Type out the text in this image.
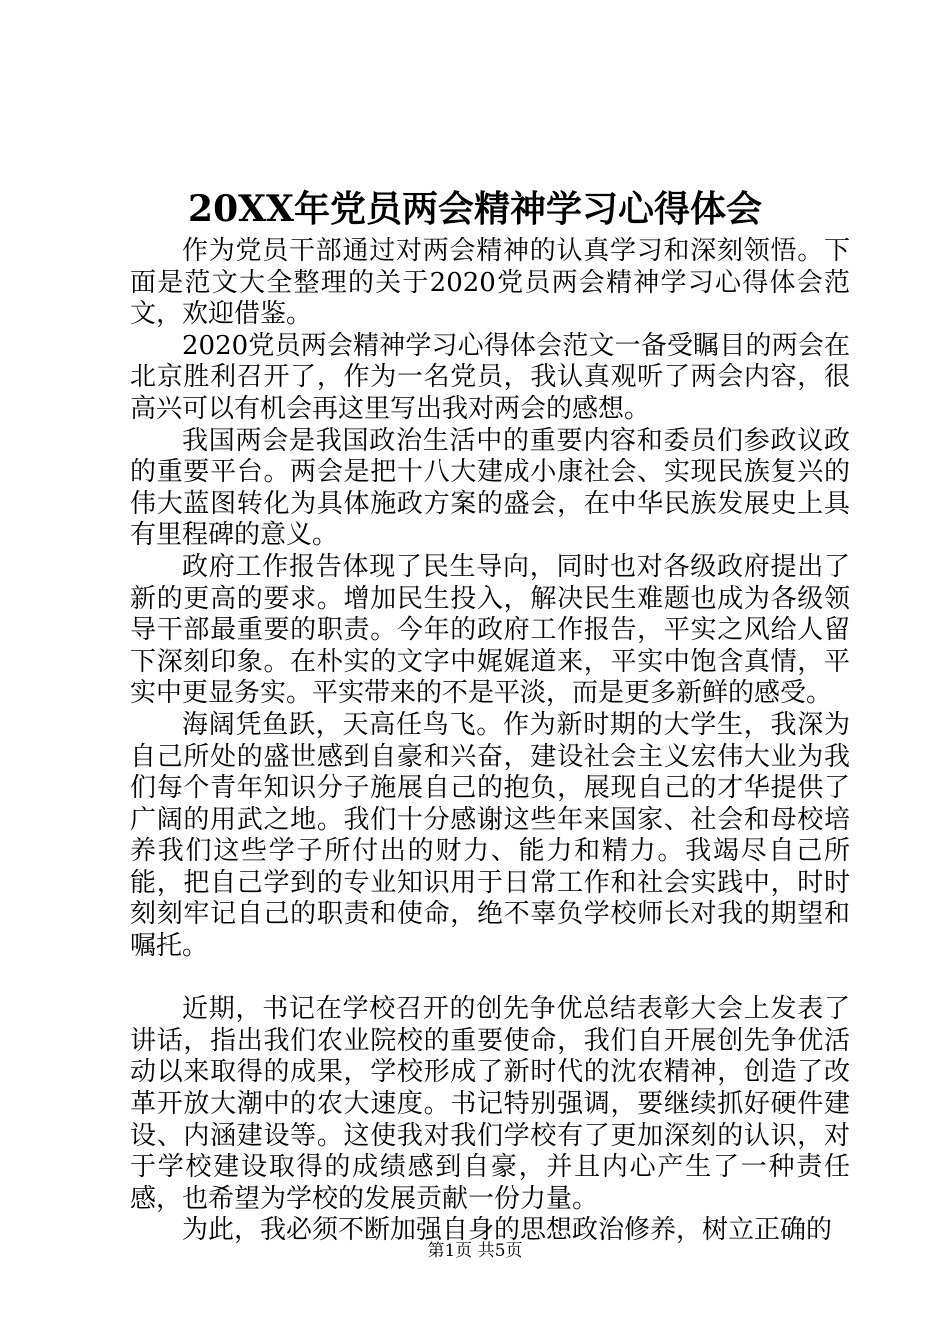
20XX年党员两会精神学习心得体会

作为党员干部通过对两会精神的认真学习和深刻领悟。下面是范文大全整理的关于2020党员两会精神学习心得体会范文，欢迎借鉴。

2020党员两会精神学习心得体会范文一备受瞩目的两会在北京胜利召开了，作为一名党员，我认真观听了两会内容，很高兴可以有机会再这里写出我对两会的感想。

我国两会是我国政治生活中的重要内容和委员们参政议政的重要平台。两会是把十八大建成小康社会、实现民族复兴的伟大蓝图转化为具体施政方案的盛会，在中华民族发展史上具有里程碑的意义。

政府工作报告体现了民生导向，同时也对各级政府提出了新的更高的要求。增加民生投入，解决民生难题也成为各级领导干部最重要的职责。今年的政府工作报告，平实之风给人留下深刻印象。在朴实的文字中娓娓道来，平实中饱含真情，平实中更显务实。平实带来的不是平淡，而是更多新鲜的感受。

海阔凭鱼跃，天高任鸟飞。作为新时期的大学生，我深为自己所处的盛世感到自豪和兴奋，建设社会主义宏伟大业为我们每个青年知识分子施展自己的抱负，展现自己的才华提供了广阔的用武之地。我们十分感谢这些年来国家、社会和母校培养我们这些学子所付出的财力、能力和精力。我竭尽自己所能，把自己学到的专业知识用于日常工作和社会实践中，时时刻刻牢记自己的职责和使命，绝不辜负学校师长对我的期望和嘱托。

近期，书记在学校召开的创先争优总结表彰大会上发表了讲话，指出我们农业院校的重要使命，我们自开展创先争优活动以来取得的成果，学校形成了新时代的沈农精神，创造了改革开放大潮中的农大速度。书记特别强调，要继续抓好硬件建设、内涵建设等。这使我对我们学校有了更加深刻的认识，对于学校建设取得的成绩感到自豪，并且内心产生了一种责任感，也希望为学校的发展贡献一份力量。

为此，我必须不断加强自身的思想政治修养，树立正确的

第1页 共5页
